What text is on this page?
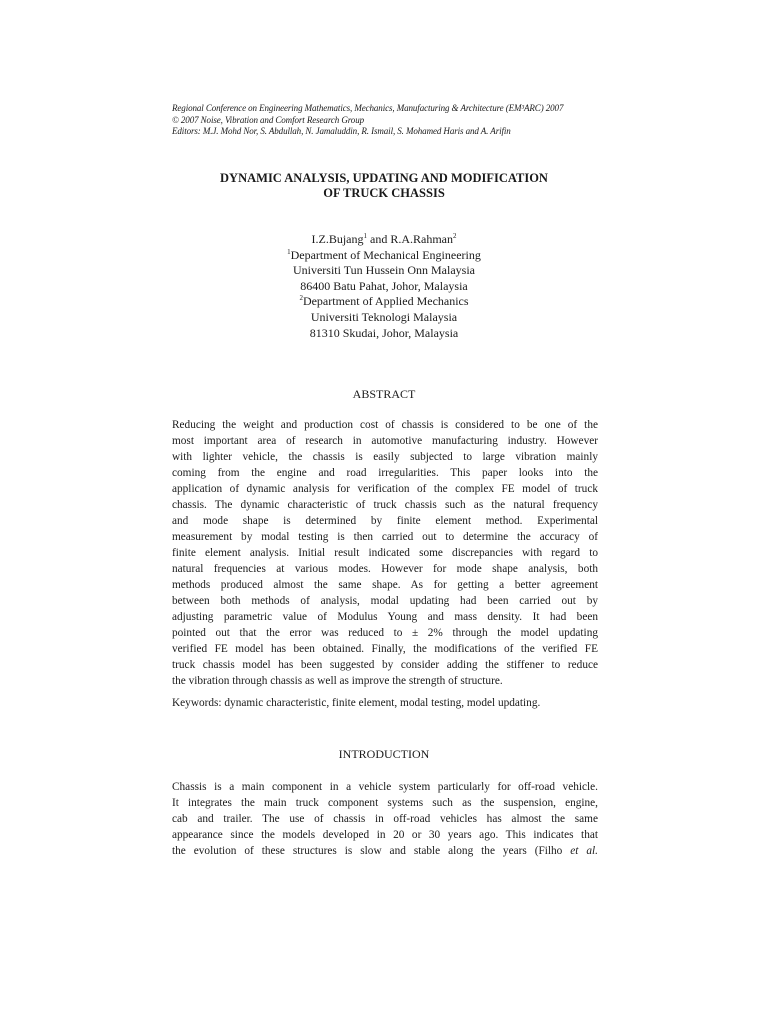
Regional Conference on Engineering Mathematics, Mechanics, Manufacturing & Architecture (EM³ARC) 2007
© 2007 Noise, Vibration and Comfort Research Group
Editors: M.J. Mohd Nor, S. Abdullah, N. Jamaluddin, R. Ismail, S. Mohamed Haris and A. Arifin
DYNAMIC ANALYSIS, UPDATING AND MODIFICATION
OF TRUCK CHASSIS
I.Z.Bujang$^1$ and R.A.Rahman$^2$
$^1$Department of Mechanical Engineering
Universiti Tun Hussein Onn Malaysia
86400 Batu Pahat, Johor, Malaysia
$^2$Department of Applied Mechanics
Universiti Teknologi Malaysia
81310 Skudai, Johor, Malaysia
ABSTRACT
Reducing the weight and production cost of chassis is considered to be one of the
most important area of research in automotive manufacturing industry. However
with lighter vehicle, the chassis is easily subjected to large vibration mainly
coming from the engine and road irregularities. This paper looks into the
application of dynamic analysis for verification of the complex FE model of truck
chassis. The dynamic characteristic of truck chassis such as the natural frequency
and mode shape is determined by finite element method. Experimental
measurement by modal testing is then carried out to determine the accuracy of
finite element analysis. Initial result indicated some discrepancies with regard to
natural frequencies at various modes. However for mode shape analysis, both
methods produced almost the same shape. As for getting a better agreement
between both methods of analysis, modal updating had been carried out by
adjusting parametric value of Modulus Young and mass density. It had been
pointed out that the error was reduced to ± 2% through the model updating
verified FE model has been obtained. Finally, the modifications of the verified FE
truck chassis model has been suggested by consider adding the stiffener to reduce
the vibration through chassis as well as improve the strength of structure.
Keywords: dynamic characteristic, finite element, modal testing, model updating.
INTRODUCTION
Chassis is a main component in a vehicle system particularly for off-road vehicle.
It integrates the main truck component systems such as the suspension, engine,
cab and trailer. The use of chassis in off-road vehicles has almost the same
appearance since the models developed in 20 or 30 years ago. This indicates that
the evolution of these structures is slow and stable along the years (Filho et al.
